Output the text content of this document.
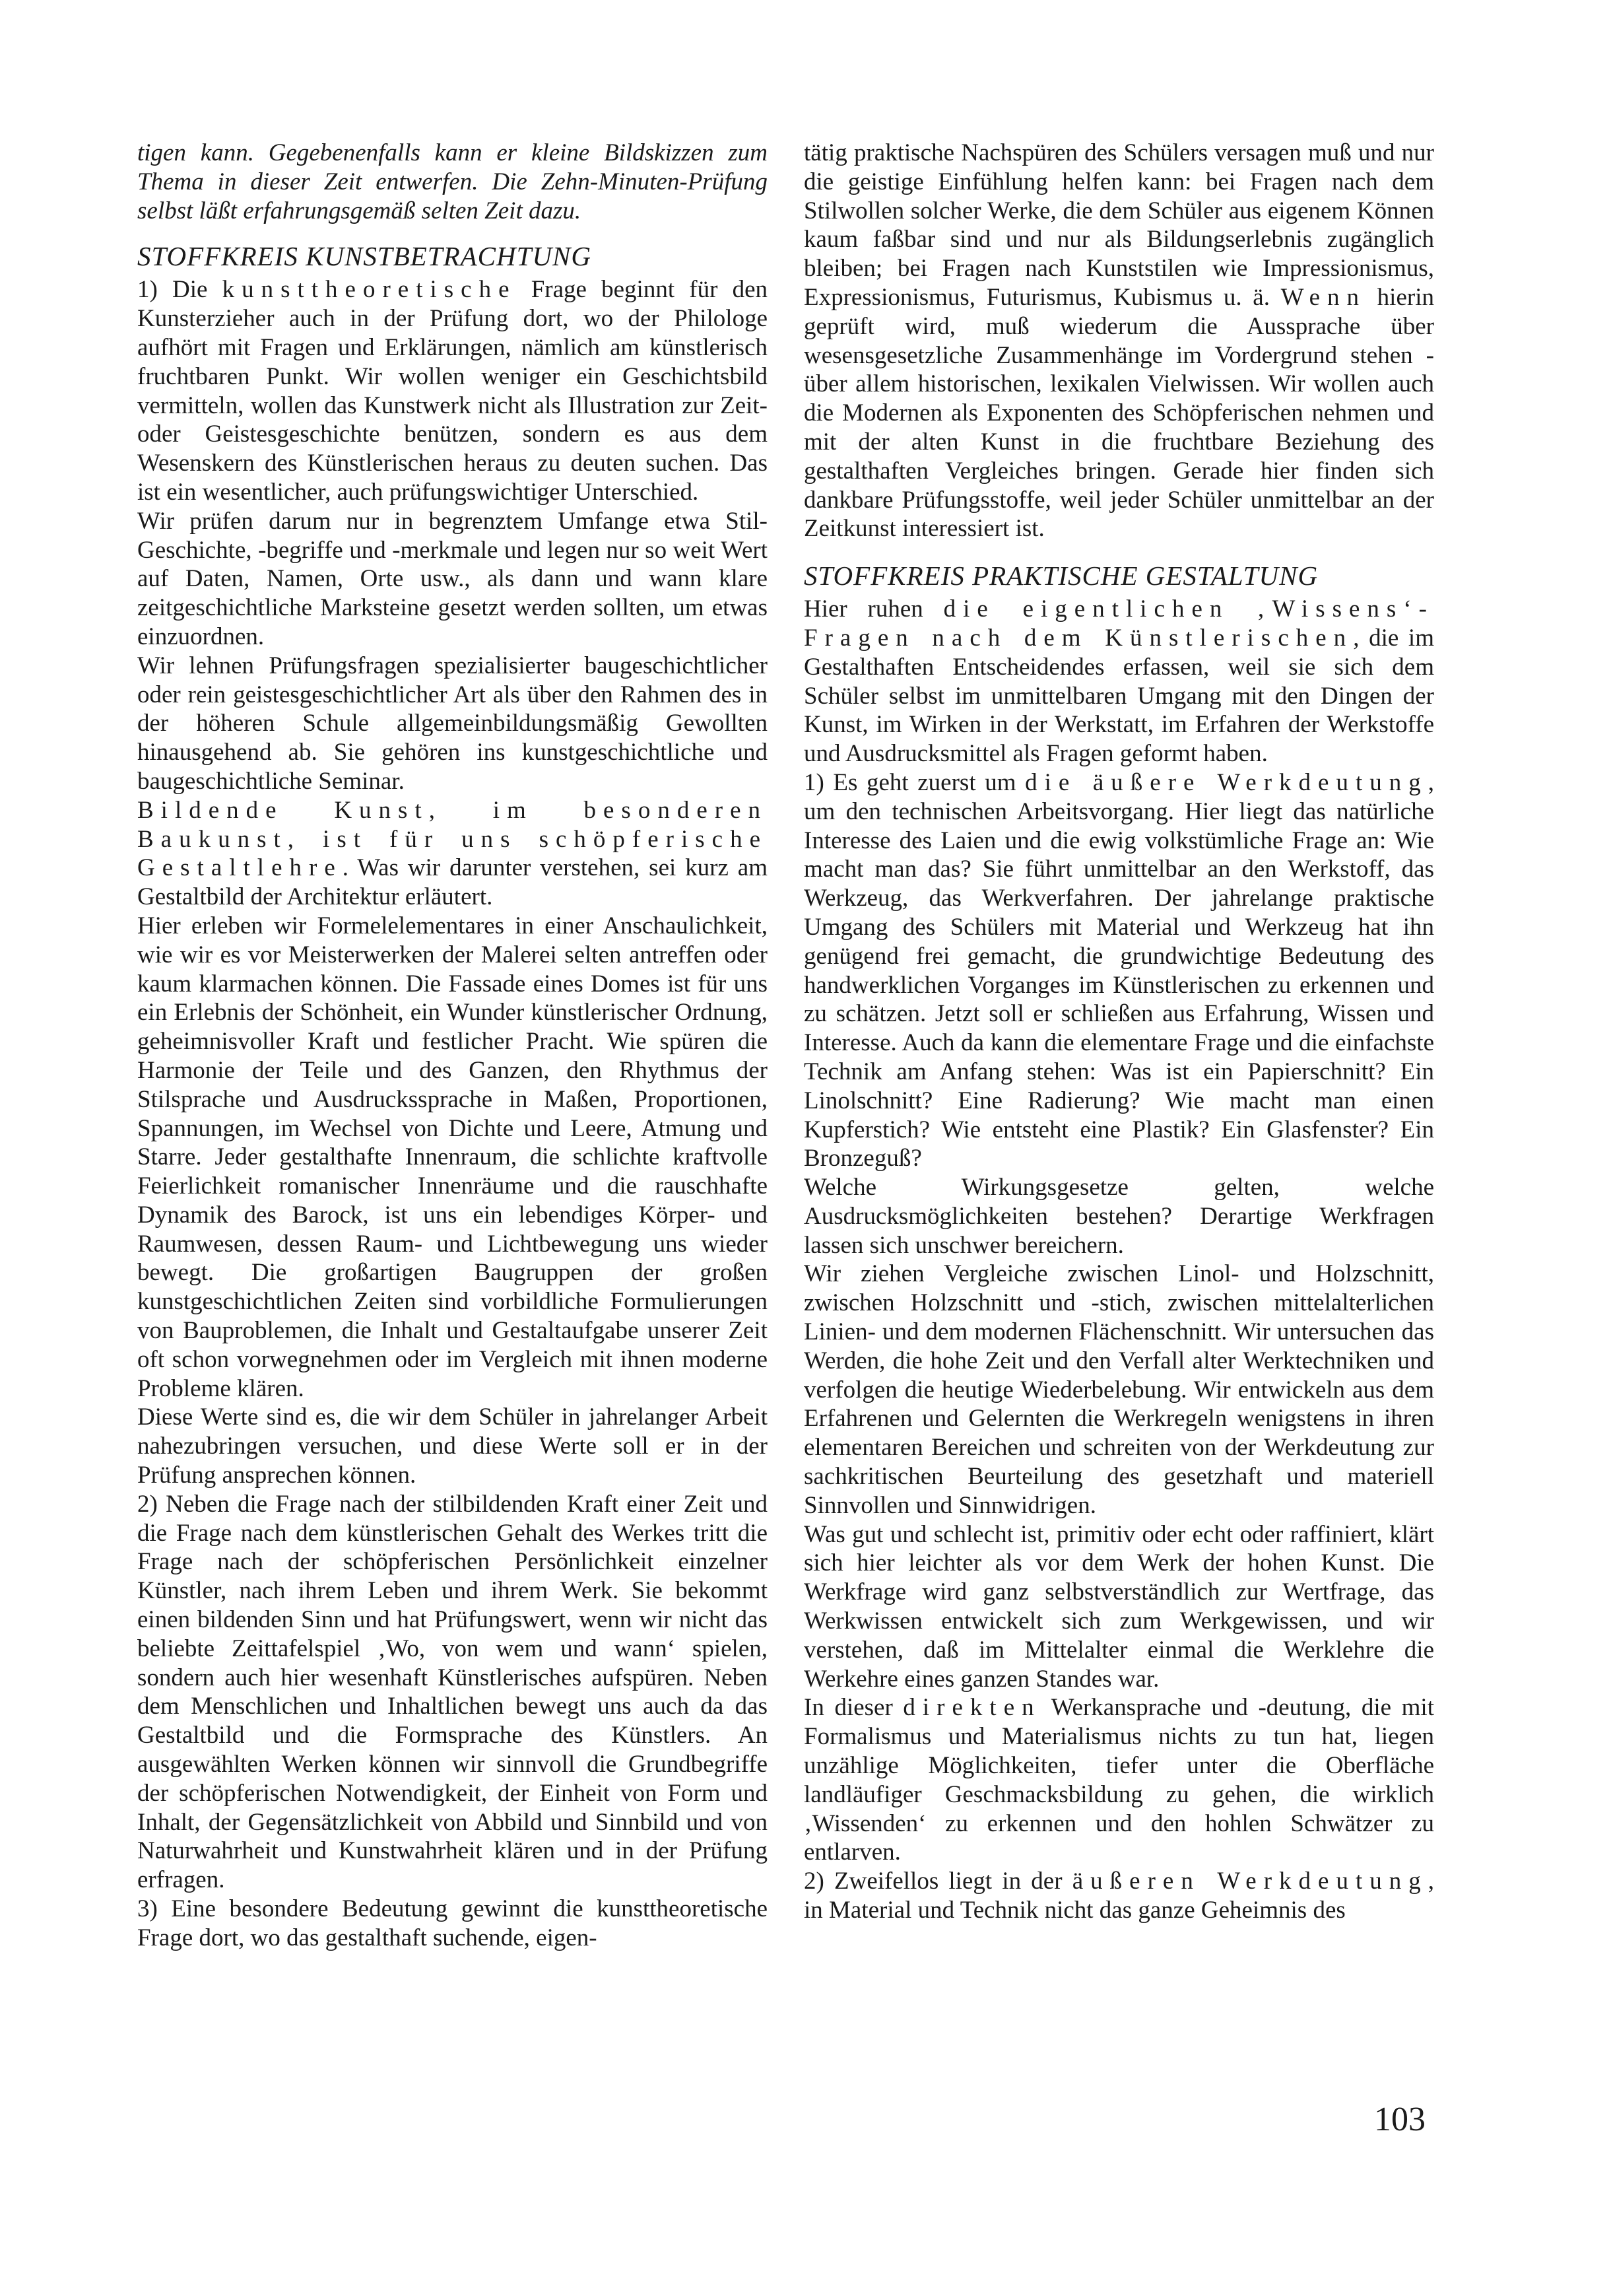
tigen kann. Gegebenenfalls kann er kleine Bildskizzen zum Thema in dieser Zeit entwerfen. Die Zehn-Minuten-Prüfung selbst läßt erfahrungsgemäß selten Zeit dazu.

STOFFKREIS KUNSTBETRACHTUNG

1) Die kunsttheoretische Frage beginnt für den Kunsterzieher auch in der Prüfung dort, wo der Philologe aufhört mit Fragen und Erklärungen, nämlich am künstlerisch fruchtbaren Punkt. Wir wollen weniger ein Geschichtsbild vermitteln, wollen das Kunstwerk nicht als Illustration zur Zeit- oder Geistesgeschichte benützen, sondern es aus dem Wesenskern des Künstlerischen heraus zu deuten suchen. Das ist ein wesentlicher, auch prüfungswichtiger Unterschied.

Wir prüfen darum nur in begrenztem Umfange etwa Stil-Geschichte, -begriffe und -merkmale und legen nur so weit Wert auf Daten, Namen, Orte usw., als dann und wann klare zeitgeschichtliche Marksteine gesetzt werden sollten, um etwas einzuordnen.

Wir lehnen Prüfungsfragen spezialisierter baugeschichtlicher oder rein geistesgeschichtlicher Art als über den Rahmen des in der höheren Schule allgemeinbildungsmäßig Gewollten hinausgehend ab. Sie gehören ins kunstgeschichtliche und baugeschichtliche Seminar.

Bildende Kunst, im besonderen Baukunst, ist für uns schöpferische Gestaltlehre. Was wir darunter verstehen, sei kurz am Gestaltbild der Architektur erläutert.

Hier erleben wir Formelelementares in einer Anschaulichkeit, wie wir es vor Meisterwerken der Malerei selten antreffen oder kaum klarmachen können. Die Fassade eines Domes ist für uns ein Erlebnis der Schönheit, ein Wunder künstlerischer Ordnung, geheimnisvoller Kraft und festlicher Pracht. Wie spüren die Harmonie der Teile und des Ganzen, den Rhythmus der Stilsprache und Ausdruckssprache in Maßen, Proportionen, Spannungen, im Wechsel von Dichte und Leere, Atmung und Starre. Jeder gestalthafte Innenraum, die schlichte kraftvolle Feierlichkeit romanischer Innenräume und die rauschhafte Dynamik des Barock, ist uns ein lebendiges Körper- und Raumwesen, dessen Raum- und Lichtbewegung uns wieder bewegt. Die großartigen Baugruppen der großen kunstgeschichtlichen Zeiten sind vorbildliche Formulierungen von Bauproblemen, die Inhalt und Gestaltaufgabe unserer Zeit oft schon vorwegnehmen oder im Vergleich mit ihnen moderne Probleme klären.

Diese Werte sind es, die wir dem Schüler in jahrelanger Arbeit nahezubringen versuchen, und diese Werte soll er in der Prüfung ansprechen können.

2) Neben die Frage nach der stilbildenden Kraft einer Zeit und die Frage nach dem künstlerischen Gehalt des Werkes tritt die Frage nach der schöpferischen Persönlichkeit einzelner Künstler, nach ihrem Leben und ihrem Werk. Sie bekommt einen bildenden Sinn und hat Prüfungswert, wenn wir nicht das beliebte Zeittafelspiel ‚Wo, von wem und wann‘ spielen, sondern auch hier wesenhaft Künstlerisches aufspüren. Neben dem Menschlichen und Inhaltlichen bewegt uns auch da das Gestaltbild und die Formsprache des Künstlers. An ausgewählten Werken können wir sinnvoll die Grundbegriffe der schöpferischen Notwendigkeit, der Einheit von Form und Inhalt, der Gegensätzlichkeit von Abbild und Sinnbild und von Naturwahrheit und Kunstwahrheit klären und in der Prüfung erfragen.

3) Eine besondere Bedeutung gewinnt die kunsttheoretische Frage dort, wo das gestalthaft suchende, eigen-

tätig praktische Nachspüren des Schülers versagen muß und nur die geistige Einfühlung helfen kann: bei Fragen nach dem Stilwollen solcher Werke, die dem Schüler aus eigenem Können kaum faßbar sind und nur als Bildungserlebnis zugänglich bleiben; bei Fragen nach Kunststilen wie Impressionismus, Expressionismus, Futurismus, Kubismus u. ä. Wenn hierin geprüft wird, muß wiederum die Aussprache über wesensgesetzliche Zusammenhänge im Vordergrund stehen - über allem historischen, lexikalen Vielwissen. Wir wollen auch die Modernen als Exponenten des Schöpferischen nehmen und mit der alten Kunst in die fruchtbare Beziehung des gestalthaften Vergleiches bringen. Gerade hier finden sich dankbare Prüfungsstoffe, weil jeder Schüler unmittelbar an der Zeitkunst interessiert ist.

STOFFKREIS PRAKTISCHE GESTALTUNG

Hier ruhen die eigentlichen ‚Wissens‘-Fragen nach dem Künstlerischen, die im Gestalthaften Entscheidendes erfassen, weil sie sich dem Schüler selbst im unmittelbaren Umgang mit den Dingen der Kunst, im Wirken in der Werkstatt, im Erfahren der Werkstoffe und Ausdrucksmittel als Fragen geformt haben.

1) Es geht zuerst um die äußere Werkdeutung, um den technischen Arbeitsvorgang. Hier liegt das natürliche Interesse des Laien und die ewig volkstümliche Frage an: Wie macht man das? Sie führt unmittelbar an den Werkstoff, das Werkzeug, das Werkverfahren. Der jahrelange praktische Umgang des Schülers mit Material und Werkzeug hat ihn genügend frei gemacht, die grundwichtige Bedeutung des handwerklichen Vorganges im Künstlerischen zu erkennen und zu schätzen. Jetzt soll er schließen aus Erfahrung, Wissen und Interesse. Auch da kann die elementare Frage und die einfachste Technik am Anfang stehen: Was ist ein Papierschnitt? Ein Linolschnitt? Eine Radierung? Wie macht man einen Kupferstich? Wie entsteht eine Plastik? Ein Glasfenster? Ein Bronzeguß?

Welche Wirkungsgesetze gelten, welche Ausdrucksmöglichkeiten bestehen? Derartige Werkfragen lassen sich unschwer bereichern.

Wir ziehen Vergleiche zwischen Linol- und Holzschnitt, zwischen Holzschnitt und -stich, zwischen mittelalterlichen Linien- und dem modernen Flächenschnitt. Wir untersuchen das Werden, die hohe Zeit und den Verfall alter Werktechniken und verfolgen die heutige Wiederbelebung. Wir entwickeln aus dem Erfahrenen und Gelernten die Werkregeln wenigstens in ihren elementaren Bereichen und schreiten von der Werkdeutung zur sachkritischen Beurteilung des gesetzhaft und materiell Sinnvollen und Sinnwidrigen.

Was gut und schlecht ist, primitiv oder echt oder raffiniert, klärt sich hier leichter als vor dem Werk der hohen Kunst. Die Werkfrage wird ganz selbstverständlich zur Wertfrage, das Werkwissen entwickelt sich zum Werkgewissen, und wir verstehen, daß im Mittelalter einmal die Werklehre die Werkehre eines ganzen Standes war.

In dieser direkten Werkansprache und -deutung, die mit Formalismus und Materialismus nichts zu tun hat, liegen unzählige Möglichkeiten, tiefer unter die Oberfläche landläufiger Geschmacksbildung zu gehen, die wirklich ‚Wissenden‘ zu erkennen und den hohlen Schwätzer zu entlarven.

2) Zweifellos liegt in der äußeren Werkdeutung, in Material und Technik nicht das ganze Geheimnis des

103
